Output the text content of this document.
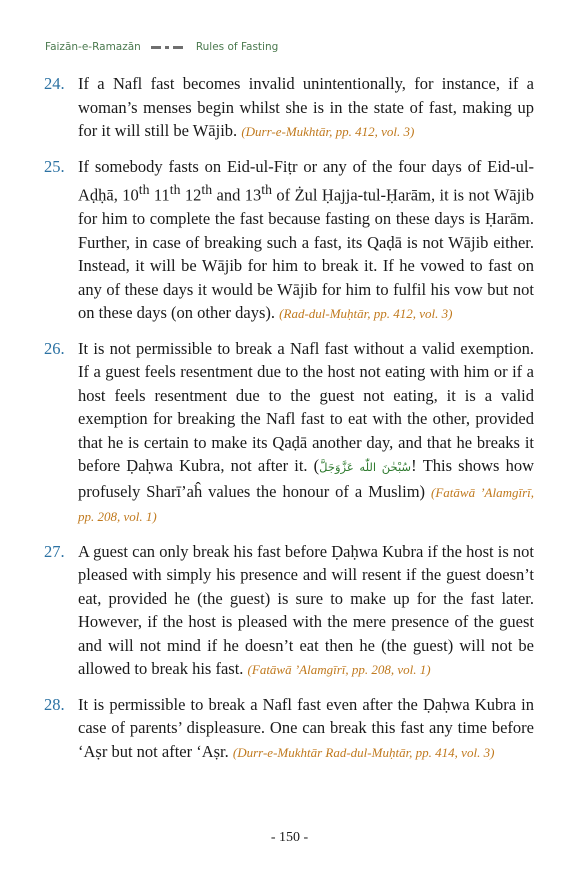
Faizān-e-Ramazān	Rules of Fasting
24. If a Nafl fast becomes invalid unintentionally, for instance, if a woman’s menses begin whilst she is in the state of fast, making up for it will still be Wājib. (Durr-e-Mukhtār, pp. 412, vol. 3)
25. If somebody fasts on Eid-ul-Fiṭr or any of the four days of Eid-ul-Aḍḥā, 10th 11th 12th and 13th of Żul Ḥajja-tul-Ḥarām, it is not Wājib for him to complete the fast because fasting on these days is Ḥarām. Further, in case of breaking such a fast, its Qaḍā is not Wājib either. Instead, it will be Wājib for him to break it. If he vowed to fast on any of these days it would be Wājib for him to fulfil his vow but not on these days (on other days). (Rad-dul-Muḥtār, pp. 412, vol. 3)
26. It is not permissible to break a Nafl fast without a valid exemption. If a guest feels resentment due to the host not eating with him or if a host feels resentment due to the guest not eating, it is a valid exemption for breaking the Nafl fast to eat with the other, provided that he is certain to make its Qaḍā another day, and that he breaks it before Ḍaḥwa Kubra, not after it. (سُبْحٰنَ اللّٰه عَزَّوَجَلَّ! This shows how profusely Sharī’aĥ values the honour of a Muslim) (Fatāwā ’Alamgīrī, pp. 208, vol. 1)
27. A guest can only break his fast before Ḍaḥwa Kubra if the host is not pleased with simply his presence and will resent if the guest doesn’t eat, provided he (the guest) is sure to make up for the fast later. However, if the host is pleased with the mere presence of the guest and will not mind if he doesn’t eat then he (the guest) will not be allowed to break his fast. (Fatāwā ’Alamgīrī, pp. 208, vol. 1)
28. It is permissible to break a Nafl fast even after the Ḍaḥwa Kubra in case of parents’ displeasure. One can break this fast any time before ‘Aṣr but not after ‘Aṣr. (Durr-e-Mukhtār Rad-dul-Muḥtār, pp. 414, vol. 3)
- 150 -
